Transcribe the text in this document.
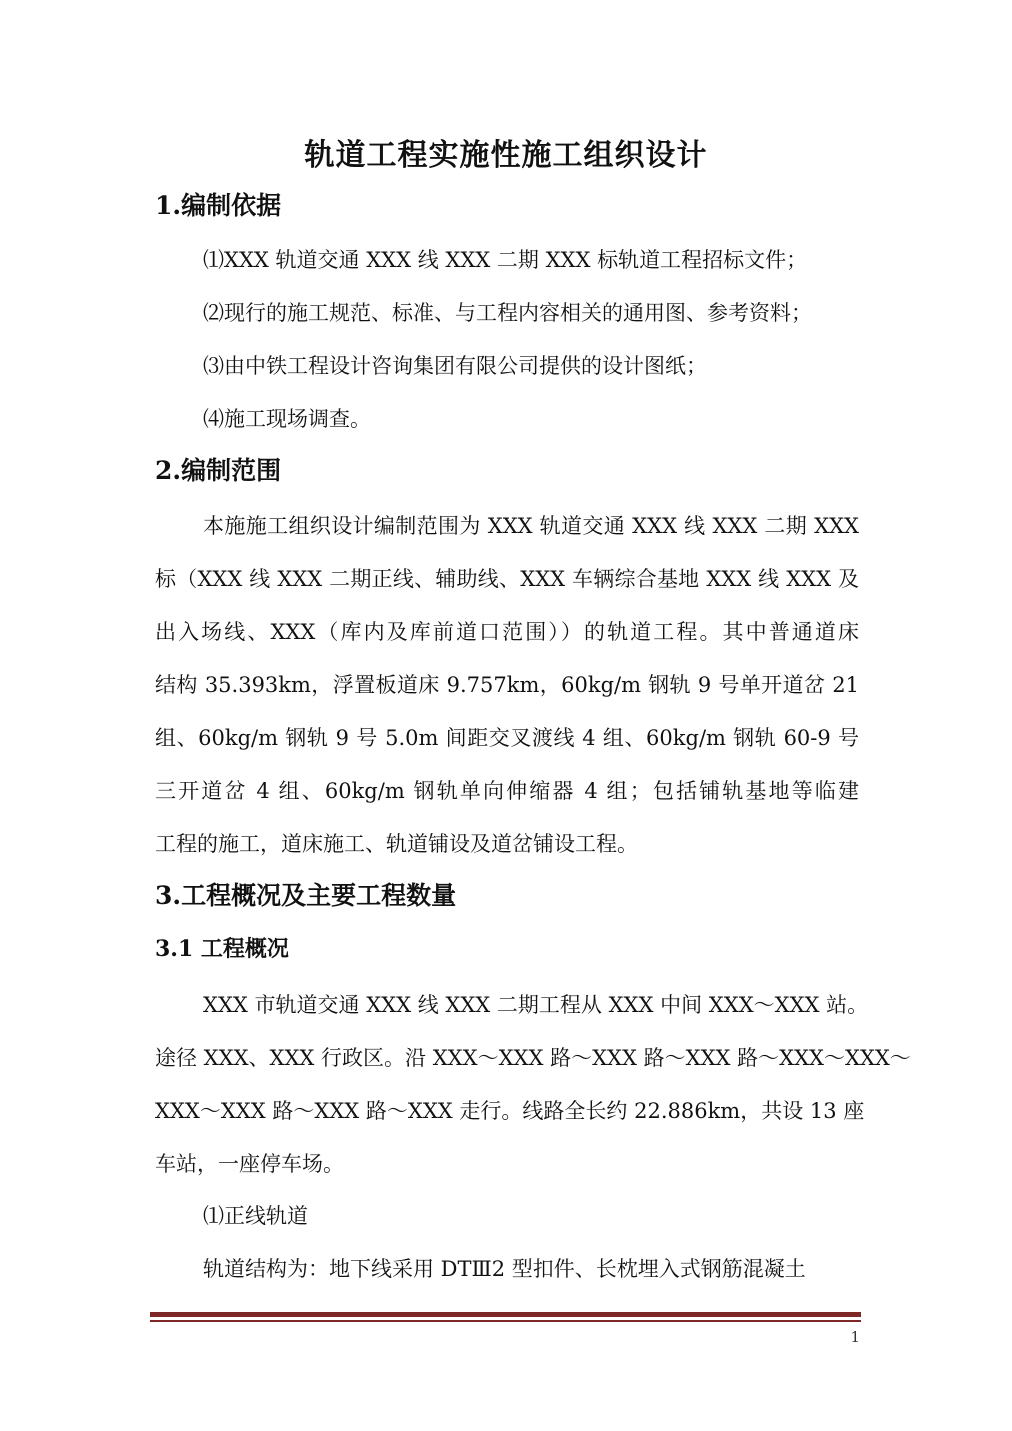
轨道工程实施性施工组织设计
1.编制依据
⑴XXX 轨道交通 XXX 线 XXX 二期 XXX 标轨道工程招标文件；
⑵现行的施工规范、标准、与工程内容相关的通用图、参考资料；
⑶由中铁工程设计咨询集团有限公司提供的设计图纸；
⑷施工现场调查。
2.编制范围
本施施工组织设计编制范围为 XXX 轨道交通 XXX 线 XXX 二期 XXX
标（XXX 线 XXX 二期正线、辅助线、XXX 车辆综合基地 XXX 线 XXX 及
出入场线、XXX（库内及库前道口范围））的轨道工程。其中普通道床
结构 35.393km，浮置板道床 9.757km，60kg/m 钢轨 9 号单开道岔 21
组、60kg/m 钢轨 9 号 5.0m 间距交叉渡线 4 组、60kg/m 钢轨 60-9 号
三开道岔 4 组、60kg/m 钢轨单向伸缩器 4 组；包括铺轨基地等临建
工程的施工，道床施工、轨道铺设及道岔铺设工程。
3.工程概况及主要工程数量
3.1 工程概况
XXX 市轨道交通 XXX 线 XXX 二期工程从 XXX 中间 XXX～XXX 站。
途径 XXX、XXX 行政区。沿 XXX～XXX 路～XXX 路～XXX 路～XXX～XXX～
XXX～XXX 路～XXX 路～XXX 走行。线路全长约 22.886km，共设 13 座
车站，一座停车场。
⑴正线轨道
轨道结构为：地下线采用 DTⅢ2 型扣件、长枕埋入式钢筋混凝土
1
